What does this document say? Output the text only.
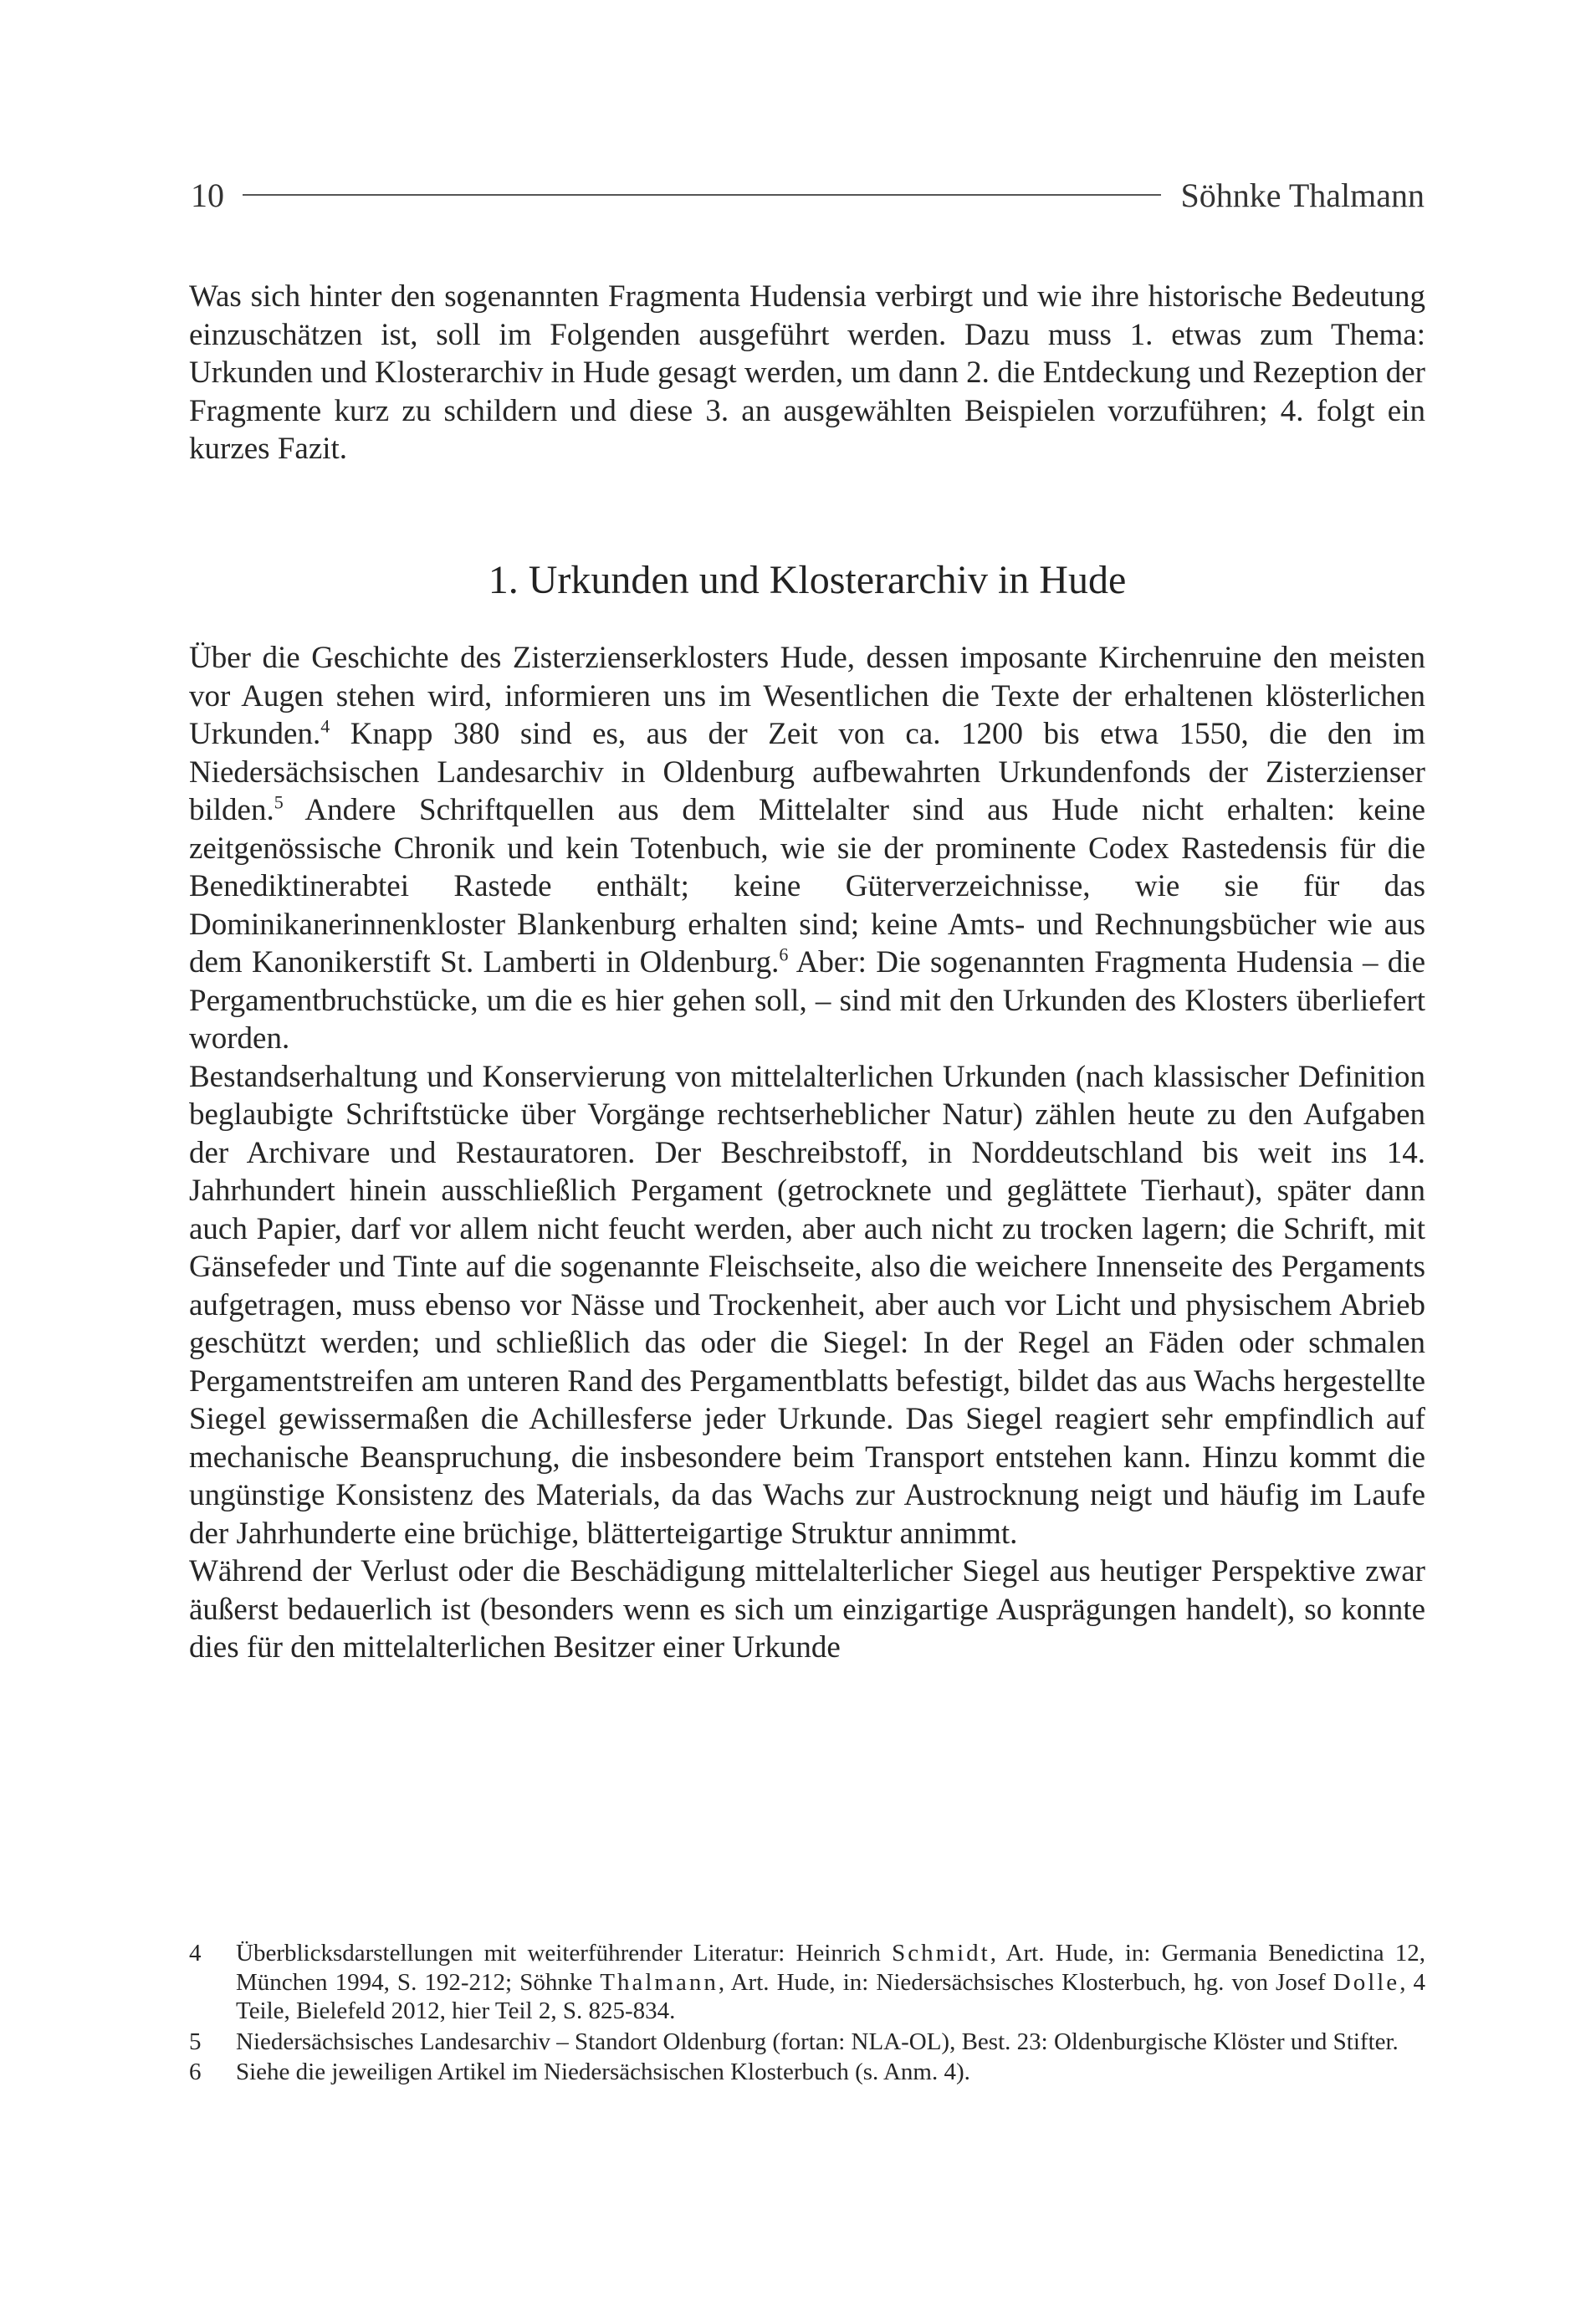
10	Söhnke Thalmann

Was sich hinter den sogenannten Fragmenta Hudensia verbirgt und wie ihre historische Bedeutung einzuschätzen ist, soll im Folgenden ausgeführt werden. Dazu muss 1. etwas zum Thema: Urkunden und Klosterarchiv in Hude gesagt werden, um dann 2. die Entdeckung und Rezeption der Fragmente kurz zu schildern und diese 3. an ausgewählten Beispielen vorzuführen; 4. folgt ein kurzes Fazit.

1. Urkunden und Klosterarchiv in Hude

Über die Geschichte des Zisterzienserklosters Hude, dessen imposante Kirchenruine den meisten vor Augen stehen wird, informieren uns im Wesentlichen die Texte der erhaltenen klösterlichen Urkunden.$^4$ Knapp 380 sind es, aus der Zeit von ca. 1200 bis etwa 1550, die den im Niedersächsischen Landesarchiv in Oldenburg aufbewahrten Urkundenfonds der Zisterzienser bilden.$^5$ Andere Schriftquellen aus dem Mittelalter sind aus Hude nicht erhalten: keine zeitgenössische Chronik und kein Totenbuch, wie sie der prominente Codex Rastedensis für die Benediktinerabtei Rastede enthält; keine Güterverzeichnisse, wie sie für das Dominikanerinnenkloster Blankenburg erhalten sind; keine Amts- und Rechnungsbücher wie aus dem Kanonikerstift St. Lamberti in Oldenburg.$^6$ Aber: Die sogenannten Fragmenta Hudensia – die Pergamentbruchstücke, um die es hier gehen soll, – sind mit den Urkunden des Klosters überliefert worden.

Bestandserhaltung und Konservierung von mittelalterlichen Urkunden (nach klassischer Definition beglaubigte Schriftstücke über Vorgänge rechtserheblicher Natur) zählen heute zu den Aufgaben der Archivare und Restauratoren. Der Beschreibstoff, in Norddeutschland bis weit ins 14. Jahrhundert hinein ausschließlich Pergament (getrocknete und geglättete Tierhaut), später dann auch Papier, darf vor allem nicht feucht werden, aber auch nicht zu trocken lagern; die Schrift, mit Gänsefeder und Tinte auf die sogenannte Fleischseite, also die weichere Innenseite des Pergaments aufgetragen, muss ebenso vor Nässe und Trockenheit, aber auch vor Licht und physischem Abrieb geschützt werden; und schließlich das oder die Siegel: In der Regel an Fäden oder schmalen Pergamentstreifen am unteren Rand des Pergamentblatts befestigt, bildet das aus Wachs hergestellte Siegel gewissermaßen die Achillesferse jeder Urkunde. Das Siegel reagiert sehr empfindlich auf mechanische Beanspruchung, die insbesondere beim Transport entstehen kann. Hinzu kommt die ungünstige Konsistenz des Materials, da das Wachs zur Austrocknung neigt und häufig im Laufe der Jahrhunderte eine brüchige, blätterteigartige Struktur annimmt.

Während der Verlust oder die Beschädigung mittelalterlicher Siegel aus heutiger Perspektive zwar äußerst bedauerlich ist (besonders wenn es sich um einzigartige Ausprägungen handelt), so konnte dies für den mittelalterlichen Besitzer einer Urkunde

4 Überblicksdarstellungen mit weiterführender Literatur: Heinrich Schmidt, Art. Hude, in: Germania Benedictina 12, München 1994, S. 192-212; Söhnke Thalmann, Art. Hude, in: Niedersächsisches Klosterbuch, hg. von Josef Dolle, 4 Teile, Bielefeld 2012, hier Teil 2, S. 825-834.
5 Niedersächsisches Landesarchiv – Standort Oldenburg (fortan: NLA-OL), Best. 23: Oldenburgische Klöster und Stifter.
6 Siehe die jeweiligen Artikel im Niedersächsischen Klosterbuch (s. Anm. 4).
